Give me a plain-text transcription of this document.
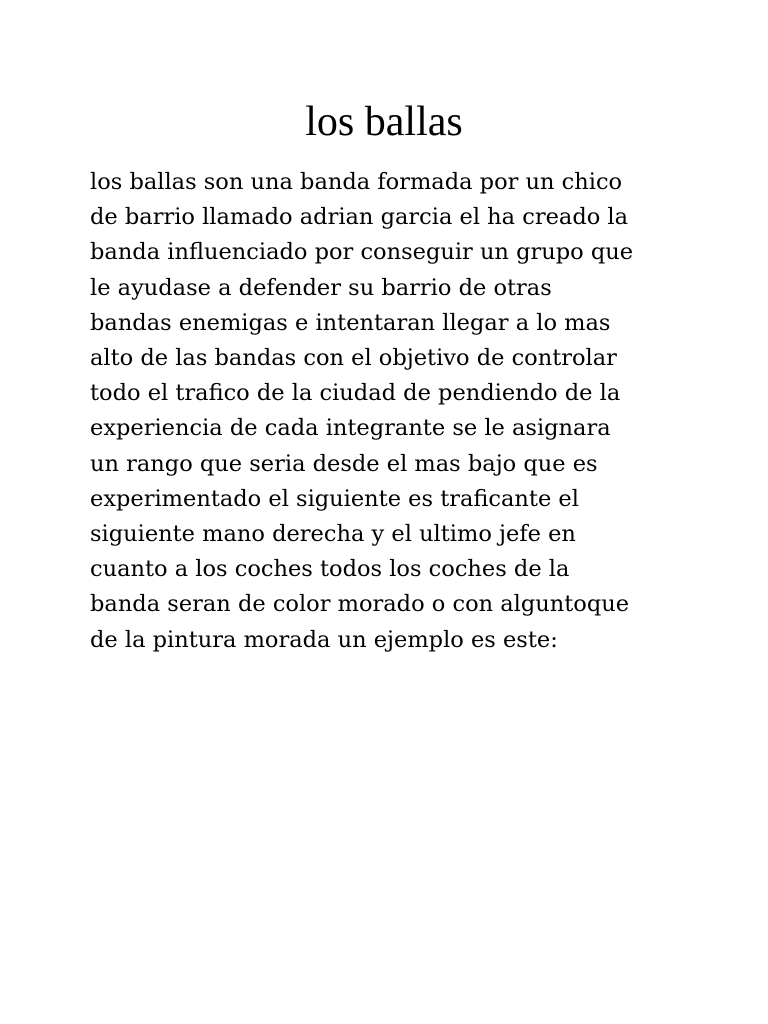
los ballas
los ballas son una banda formada por un chico
de barrio llamado adrian garcia el ha creado la
banda influenciado por conseguir un grupo que
le ayudase a defender su barrio de otras
bandas enemigas e intentaran llegar a lo mas
alto de las bandas con el objetivo de controlar
todo el trafico de la ciudad de pendiendo de la
experiencia de cada integrante se le asignara
un rango que seria desde el mas bajo que es
experimentado el siguiente es traficante el
siguiente mano derecha y el ultimo jefe en
cuanto a los coches todos los coches de la
banda seran de color morado o con alguntoque
de la pintura morada un ejemplo es este:
